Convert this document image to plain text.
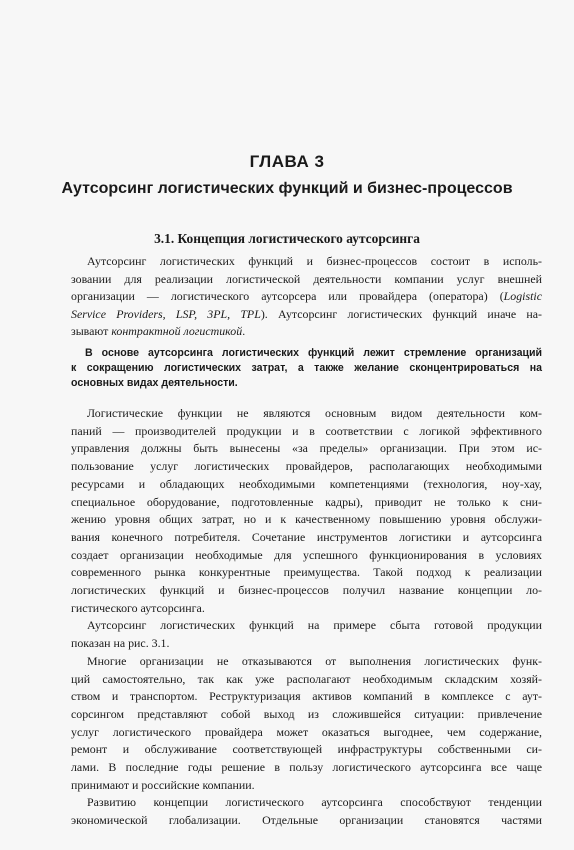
ГЛАВА 3
Аутсорсинг логистических функций и бизнес-процессов
3.1. Концепция логистического аутсорсинга
Аутсорсинг логистических функций и бизнес-процессов состоит в исполь-
зовании для реализации логистической деятельности компании услуг внешней
организации — логистического аутсорсера или провайдера (оператора) (Logistic
Service Providers, LSP, 3PL, TPL). Аутсорсинг логистических функций иначе на-
зывают контрактной логистикой.
В основе аутсорсинга логистических функций лежит стремление организаций
к сокращению логистических затрат, а также желание сконцентрироваться на
основных видах деятельности.
Логистические функции не являются основным видом деятельности ком-
паний — производителей продукции и в соответствии с логикой эффективного
управления должны быть вынесены «за пределы» организации. При этом ис-
пользование услуг логистических провайдеров, располагающих необходимыми
ресурсами и обладающих необходимыми компетенциями (технология, ноу-хау,
специальное оборудование, подготовленные кадры), приводит не только к сни-
жению уровня общих затрат, но и к качественному повышению уровня обслужи-
вания конечного потребителя. Сочетание инструментов логистики и аутсорсинга
создает организации необходимые для успешного функционирования в условиях
современного рынка конкурентные преимущества. Такой подход к реализации
логистических функций и бизнес-процессов получил название концепции ло-
гистического аутсорсинга.
Аутсорсинг логистических функций на примере сбыта готовой продукции
показан на рис. 3.1.
Многие организации не отказываются от выполнения логистических функ-
ций самостоятельно, так как уже располагают необходимым складским хозяй-
ством и транспортом. Реструктуризация активов компаний в комплексе с аут-
сорсингом представляют собой выход из сложившейся ситуации: привлечение
услуг логистического провайдера может оказаться выгоднее, чем содержание,
ремонт и обслуживание соответствующей инфраструктуры собственными си-
лами. В последние годы решение в пользу логистического аутсорсинга все чаще
принимают и российские компании.
Развитию концепции логистического аутсорсинга способствуют тенденции
экономической глобализации. Отдельные организации становятся частями
